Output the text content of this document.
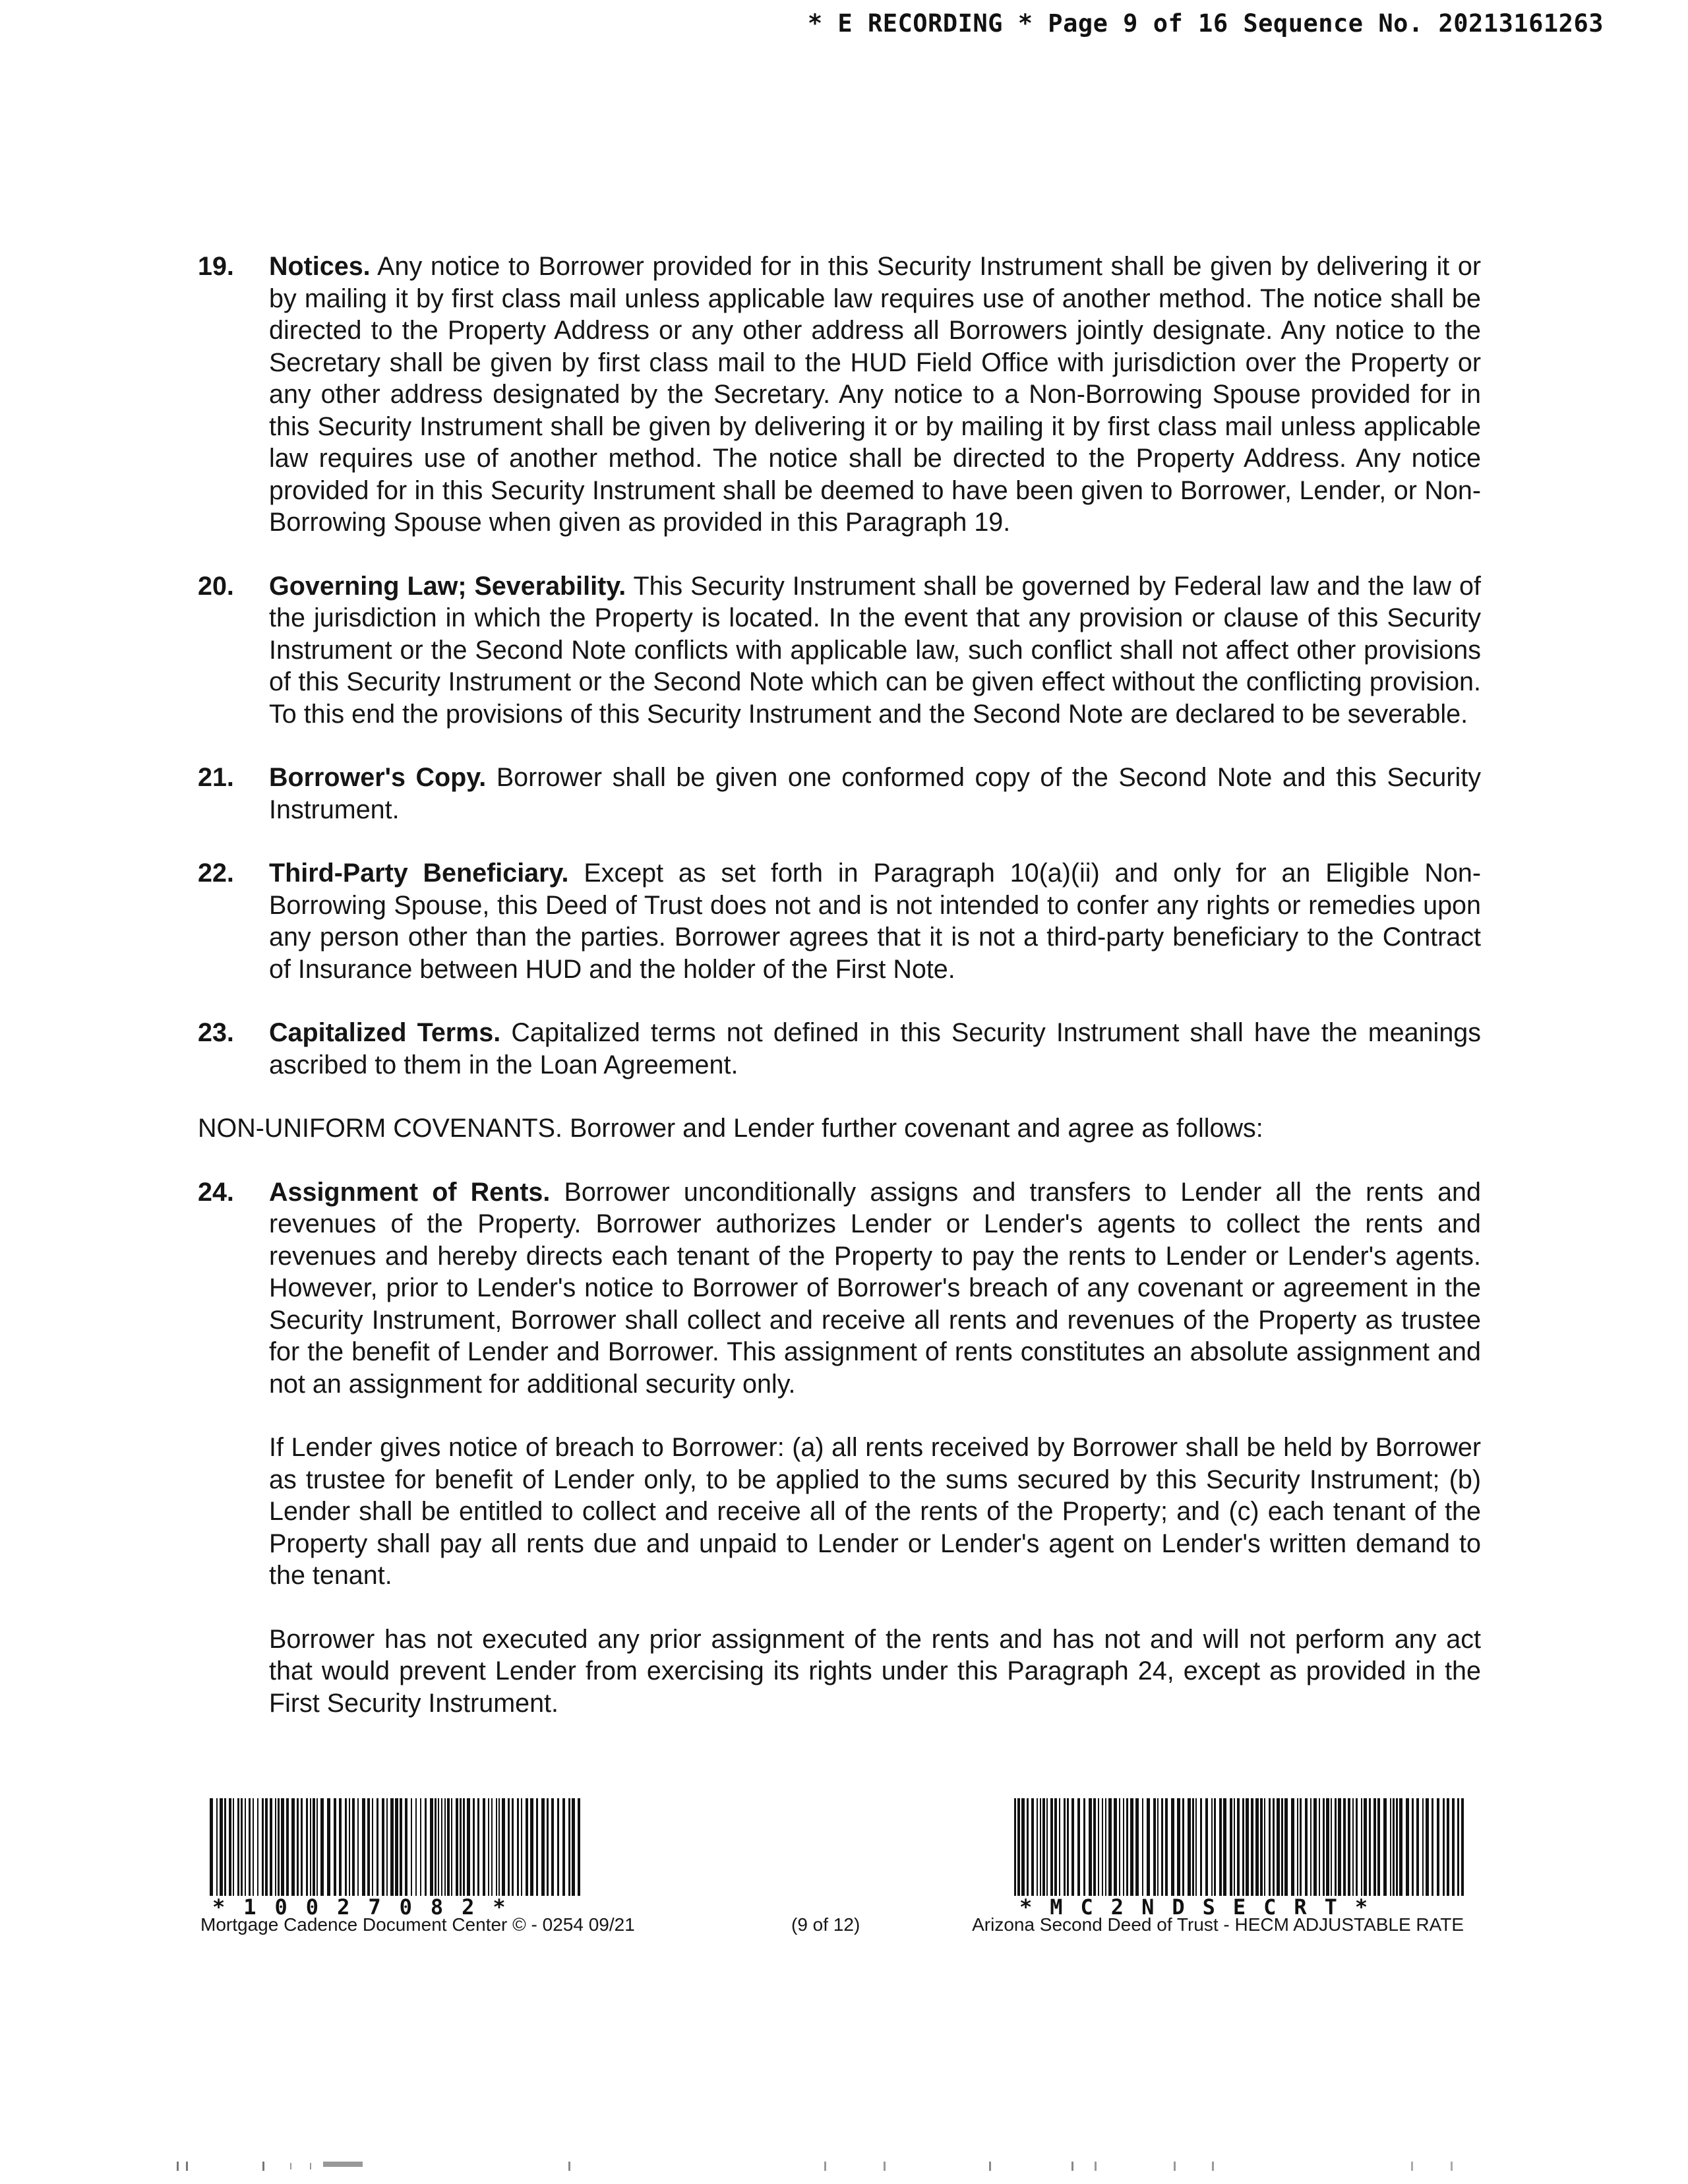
* E RECORDING * Page 9 of 16 Sequence No. 20213161263
19. Notices. Any notice to Borrower provided for in this Security Instrument shall be given by delivering it or by mailing it by first class mail unless applicable law requires use of another method. The notice shall be directed to the Property Address or any other address all Borrowers jointly designate. Any notice to the Secretary shall be given by first class mail to the HUD Field Office with jurisdiction over the Property or any other address designated by the Secretary. Any notice to a Non-Borrowing Spouse provided for in this Security Instrument shall be given by delivering it or by mailing it by first class mail unless applicable law requires use of another method. The notice shall be directed to the Property Address. Any notice provided for in this Security Instrument shall be deemed to have been given to Borrower, Lender, or Non-Borrowing Spouse when given as provided in this Paragraph 19.
20. Governing Law; Severability. This Security Instrument shall be governed by Federal law and the law of the jurisdiction in which the Property is located. In the event that any provision or clause of this Security Instrument or the Second Note conflicts with applicable law, such conflict shall not affect other provisions of this Security Instrument or the Second Note which can be given effect without the conflicting provision. To this end the provisions of this Security Instrument and the Second Note are declared to be severable.
21. Borrower's Copy. Borrower shall be given one conformed copy of the Second Note and this Security Instrument.
22. Third-Party Beneficiary. Except as set forth in Paragraph 10(a)(ii) and only for an Eligible Non-Borrowing Spouse, this Deed of Trust does not and is not intended to confer any rights or remedies upon any person other than the parties. Borrower agrees that it is not a third-party beneficiary to the Contract of Insurance between HUD and the holder of the First Note.
23. Capitalized Terms. Capitalized terms not defined in this Security Instrument shall have the meanings ascribed to them in the Loan Agreement.
NON-UNIFORM COVENANTS. Borrower and Lender further covenant and agree as follows:
24. Assignment of Rents. Borrower unconditionally assigns and transfers to Lender all the rents and revenues of the Property. Borrower authorizes Lender or Lender's agents to collect the rents and revenues and hereby directs each tenant of the Property to pay the rents to Lender or Lender's agents. However, prior to Lender's notice to Borrower of Borrower's breach of any covenant or agreement in the Security Instrument, Borrower shall collect and receive all rents and revenues of the Property as trustee for the benefit of Lender and Borrower. This assignment of rents constitutes an absolute assignment and not an assignment for additional security only.
If Lender gives notice of breach to Borrower: (a) all rents received by Borrower shall be held by Borrower as trustee for benefit of Lender only, to be applied to the sums secured by this Security Instrument; (b) Lender shall be entitled to collect and receive all of the rents of the Property; and (c) each tenant of the Property shall pay all rents due and unpaid to Lender or Lender's agent on Lender's written demand to the tenant.
Borrower has not executed any prior assignment of the rents and has not and will not perform any act that would prevent Lender from exercising its rights under this Paragraph 24, except as provided in the First Security Instrument.
*10027082*	*MC2NDSECRT*
Mortgage Cadence Document Center © - 0254 09/21	(9 of 12)	Arizona Second Deed of Trust - HECM ADJUSTABLE RATE
